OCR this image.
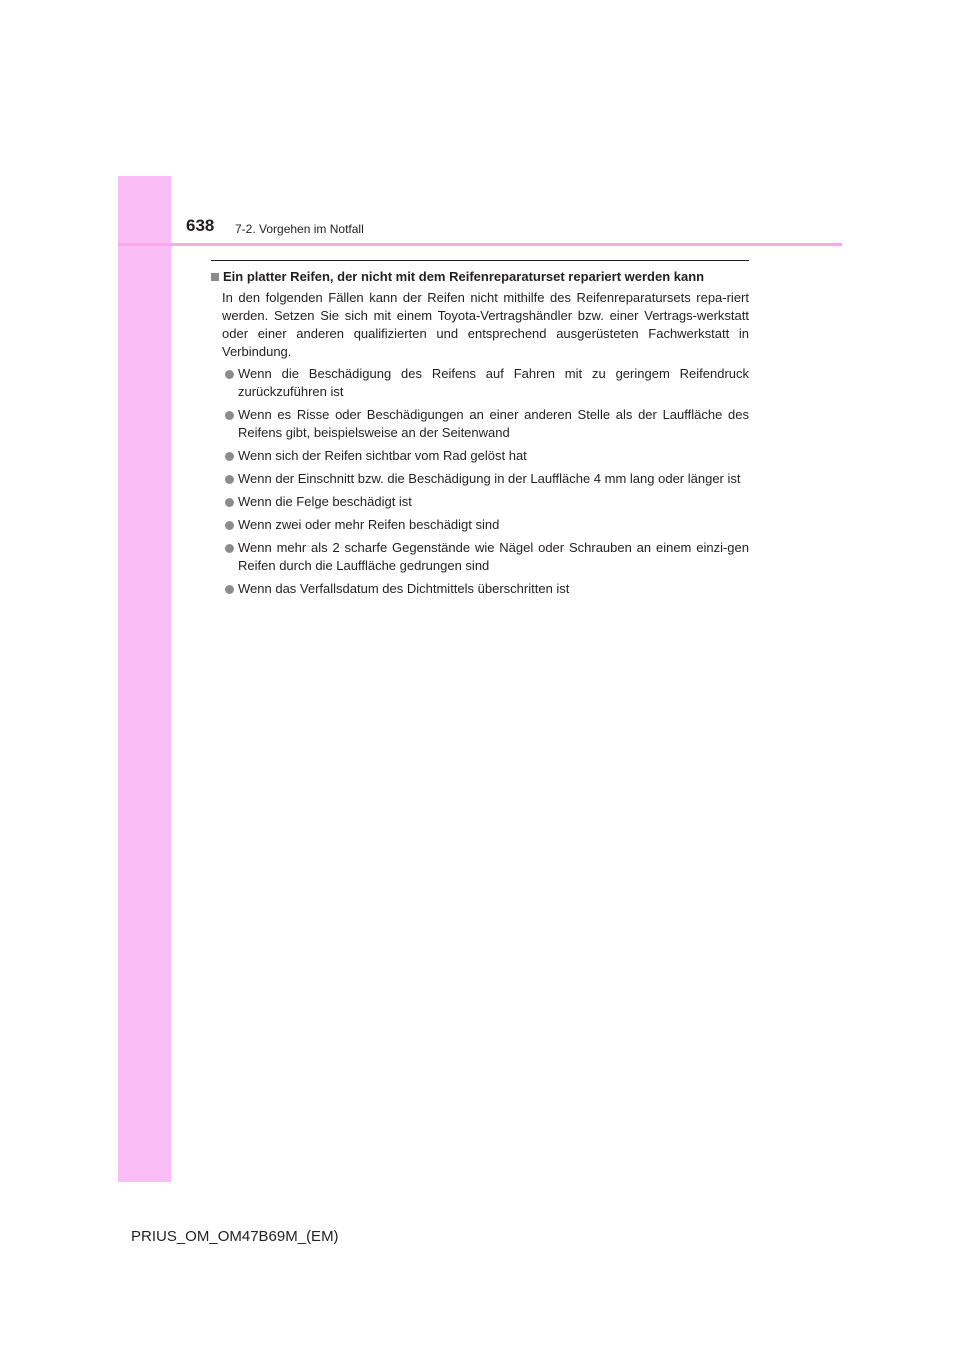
638 7-2. Vorgehen im Notfall
Ein platter Reifen, der nicht mit dem Reifenreparaturset repariert werden kann

In den folgenden Fällen kann der Reifen nicht mithilfe des Reifenreparatursets repa-riert werden. Setzen Sie sich mit einem Toyota-Vertragshändler bzw. einer Vertrags-werkstatt oder einer anderen qualifizierten und entsprechend ausgerüsteten Fachwerkstatt in Verbindung.

Wenn die Beschädigung des Reifens auf Fahren mit zu geringem Reifendruck zurückzuführen ist
Wenn es Risse oder Beschädigungen an einer anderen Stelle als der Lauffläche des Reifens gibt, beispielsweise an der Seitenwand
Wenn sich der Reifen sichtbar vom Rad gelöst hat
Wenn der Einschnitt bzw. die Beschädigung in der Lauffläche 4 mm lang oder länger ist
Wenn die Felge beschädigt ist
Wenn zwei oder mehr Reifen beschädigt sind
Wenn mehr als 2 scharfe Gegenstände wie Nägel oder Schrauben an einem einzi-gen Reifen durch die Lauffläche gedrungen sind
Wenn das Verfallsdatum des Dichtmittels überschritten ist
PRIUS_OM_OM47B69M_(EM)
